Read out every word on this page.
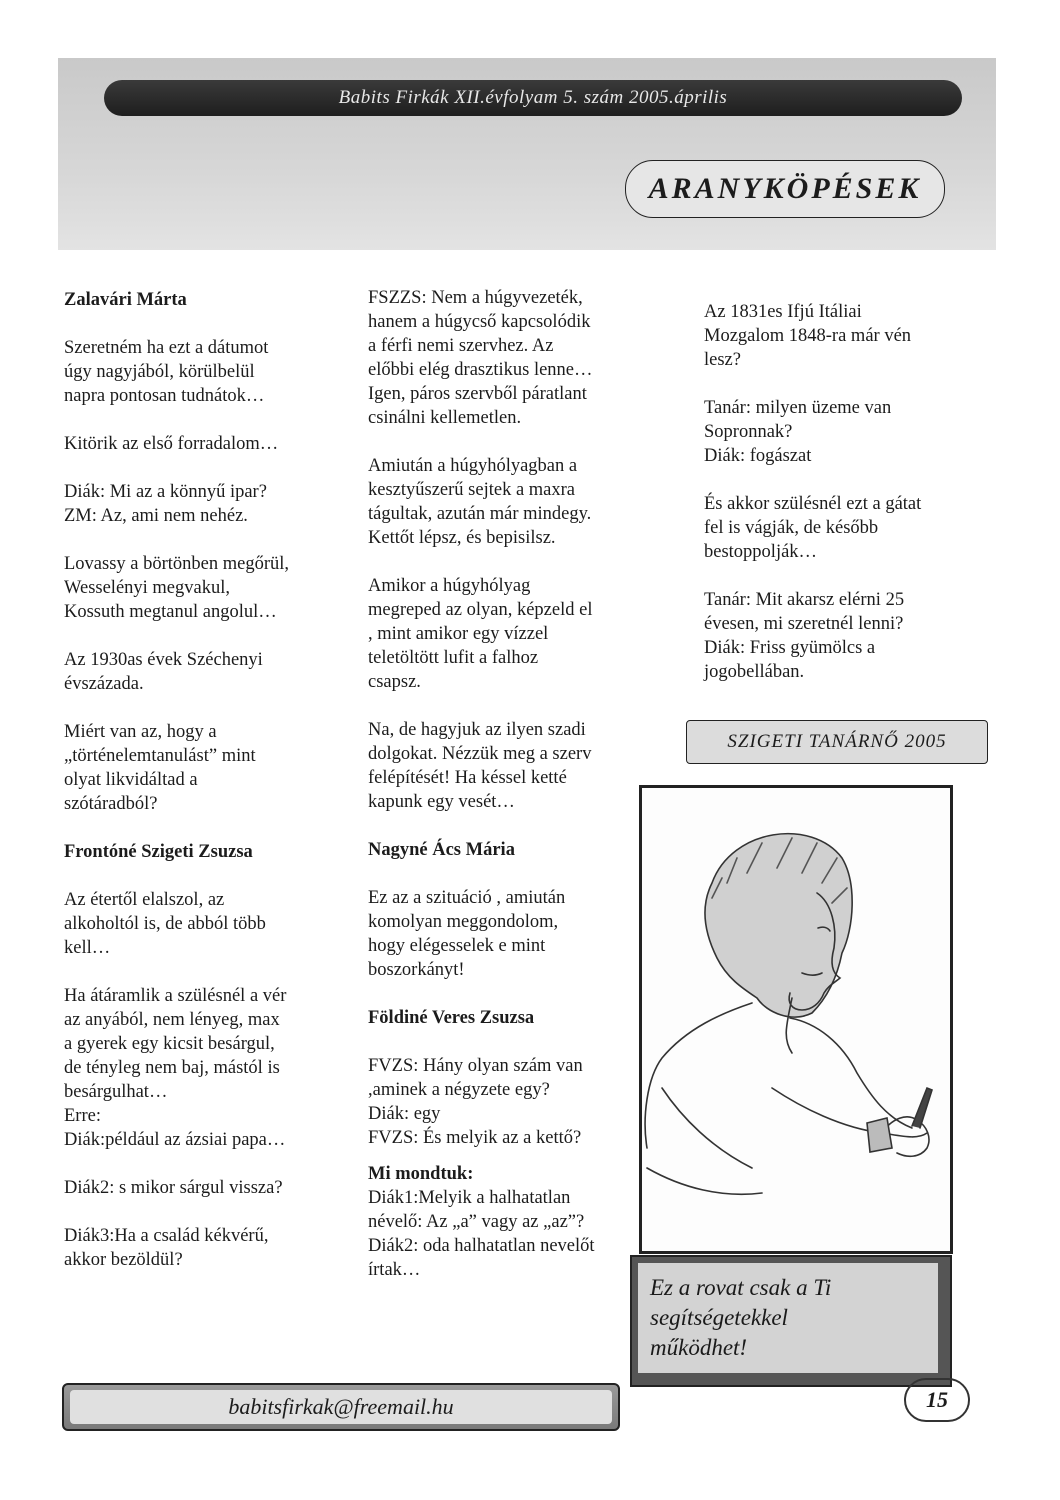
Babits Firkák XII.évfolyam 5. szám 2005.április
ARANYKÖPÉSEK
Zalavári Márta

Szeretném ha ezt a dátumot
úgy nagyjából, körülbelül
napra pontosan tudnátok…

Kitörik az első forradalom…

Diák: Mi az a könnyű ipar?
ZM: Az, ami nem nehéz.

Lovassy a börtönben megőrül,
Wesselényi megvakul,
Kossuth megtanul angolul…

Az 1930as évek Széchenyi
évszázada.

Miért van az, hogy a
„történelemtanulást” mint
olyat likvidáltad a
szótáradból?

Frontóné Szigeti Zsuzsa

Az étertől elalszol, az
alkoholtól is, de abból több
kell…

Ha átáramlik a szülésnél a vér
az anyából, nem lényeg, max
a gyerek egy kicsit besárgul,
de tényleg nem baj, mástól is
besárgulhat…
Erre:
Diák:például az ázsiai papa…

Diák2: s mikor sárgul vissza?

Diák3:Ha a család kékvérű,
akkor bezöldül?

FSZZS: Nem a húgyvezeték,
hanem a húgycső kapcsolódik
a férfi nemi szervhez. Az
előbbi elég drasztikus lenne…
Igen, páros szervből páratlant
csinálni kellemetlen.

Amiután a húgyhólyagban a
kesztyűszerű sejtek a maxra
tágultak, azután már mindegy.
Kettőt lépsz, és bepisilsz.

Amikor a húgyhólyag
megreped az olyan, képzeld el
, mint amikor egy vízzel
teletöltött lufit a falhoz
csapsz.

Na, de hagyjuk az ilyen szadi
dolgokat. Nézzük meg a szerv
felépítését! Ha késsel ketté
kapunk egy vesét…

Nagyné Ács Mária

Ez az a szituáció , amiután
komolyan meggondolom,
hogy elégesselek e mint
boszorkányt!

Földiné Veres Zsuzsa

FVZS: Hány olyan szám van
,aminek a négyzete egy?
Diák: egy
FVZS: És melyik az a kettő?

Mi mondtuk:

Diák1:Melyik a halhatatlan
névelő: Az „a” vagy az „az”?
Diák2: oda halhatatlan nevelőt
írtak…

Az 1831es Ifjú Itáliai
Mozgalom 1848-ra már vén
lesz?

Tanár: milyen üzeme van
Sopronnak?
Diák: fogászat

És akkor szülésnél ezt a gátat
fel is vágják, de később
bestoppolják…

Tanár: Mit akarsz elérni 25
évesen, mi szeretnél lenni?
Diák: Friss gyümölcs a
jogobellában.

SZIGETI TANÁRNŐ 2005
Ez a rovat csak a Ti
segítségetekkel
működhet!
babitsfirkak@freemail.hu	15
